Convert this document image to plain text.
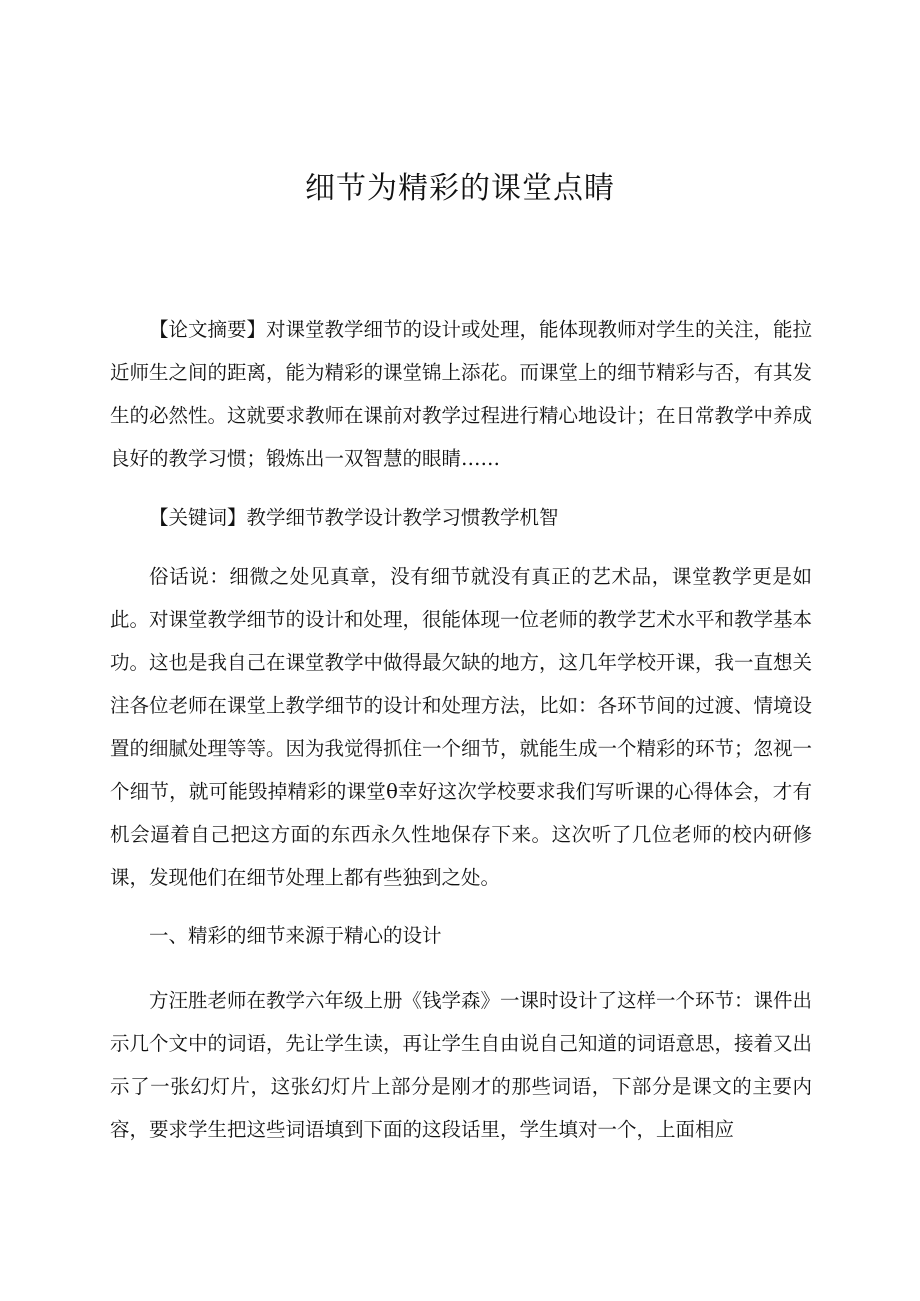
细节为精彩的课堂点睛
【论文摘要】对课堂教学细节的设计或处理，能体现教师对学生的关注，能拉近师生之间的距离，能为精彩的课堂锦上添花。而课堂上的细节精彩与否，有其发生的必然性。这就要求教师在课前对教学过程进行精心地设计；在日常教学中养成良好的教学习惯；锻炼出一双智慧的眼睛……
【关键词】教学细节教学设计教学习惯教学机智
俗话说：细微之处见真章，没有细节就没有真正的艺术品，课堂教学更是如此。对课堂教学细节的设计和处理，很能体现一位老师的教学艺术水平和教学基本功。这也是我自己在课堂教学中做得最欠缺的地方，这几年学校开课，我一直想关注各位老师在课堂上教学细节的设计和处理方法，比如：各环节间的过渡、情境设置的细腻处理等等。因为我觉得抓住一个细节，就能生成一个精彩的环节；忽视一个细节，就可能毁掉精彩的课堂θ幸好这次学校要求我们写听课的心得体会，才有机会逼着自己把这方面的东西永久性地保存下来。这次听了几位老师的校内研修课，发现他们在细节处理上都有些独到之处。
一、精彩的细节来源于精心的设计
方汪胜老师在教学六年级上册《钱学森》一课时设计了这样一个环节：课件出示几个文中的词语，先让学生读，再让学生自由说自己知道的词语意思，接着又出示了一张幻灯片，这张幻灯片上部分是刚才的那些词语，下部分是课文的主要内容，要求学生把这些词语填到下面的这段话里，学生填对一个，上面相应
